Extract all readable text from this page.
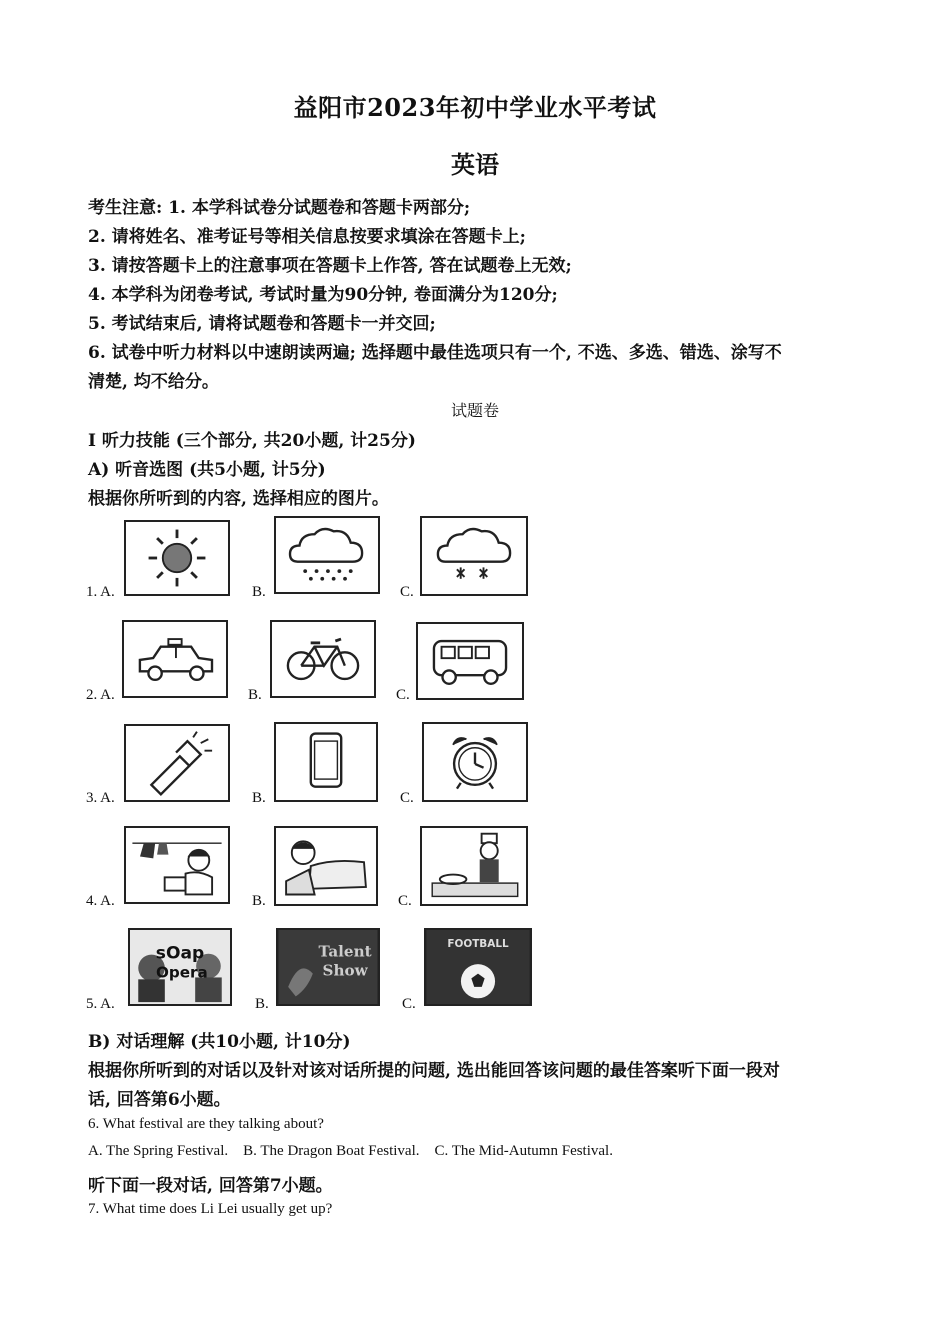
益阳市2023年初中学业水平考试
英语
考生注意: 1. 本学科试卷分试题卷和答题卡两部分;
2. 请将姓名、准考证号等相关信息按要求填涂在答题卡上;
3. 请按答题卡上的注意事项在答题卡上作答, 答在试题卷上无效;
4. 本学科为闭卷考试, 考试时量为90分钟, 卷面满分为120分;
5. 考试结束后, 请将试题卷和答题卡一并交回;
6. 试卷中听力材料以中速朗读两遍; 选择题中最佳选项只有一个, 不选、多选、错选、涂写不
清楚, 均不给分。
试题卷
I 听力技能 (三个部分, 共20小题, 计25分)
A) 听音选图 (共5小题, 计5分)
根据你所听到的内容, 选择相应的图片。
1. A.	B.	C.
2. A.	B.	C.
3. A.	B.	C.
4. A.	B.	C.
5. A.	B.	C.
sOap
Opera
Talent
Show
FOOTBALL
B) 对话理解 (共10小题, 计10分)
根据你所听到的对话以及针对该对话所提的问题, 选出能回答该问题的最佳答案听下面一段对
话, 回答第6小题。
6. What festival are they talking about?
A. The Spring Festival.    B. The Dragon Boat Festival.    C. The Mid-Autumn Festival.
听下面一段对话, 回答第7小题。
7. What time does Li Lei usually get up?
